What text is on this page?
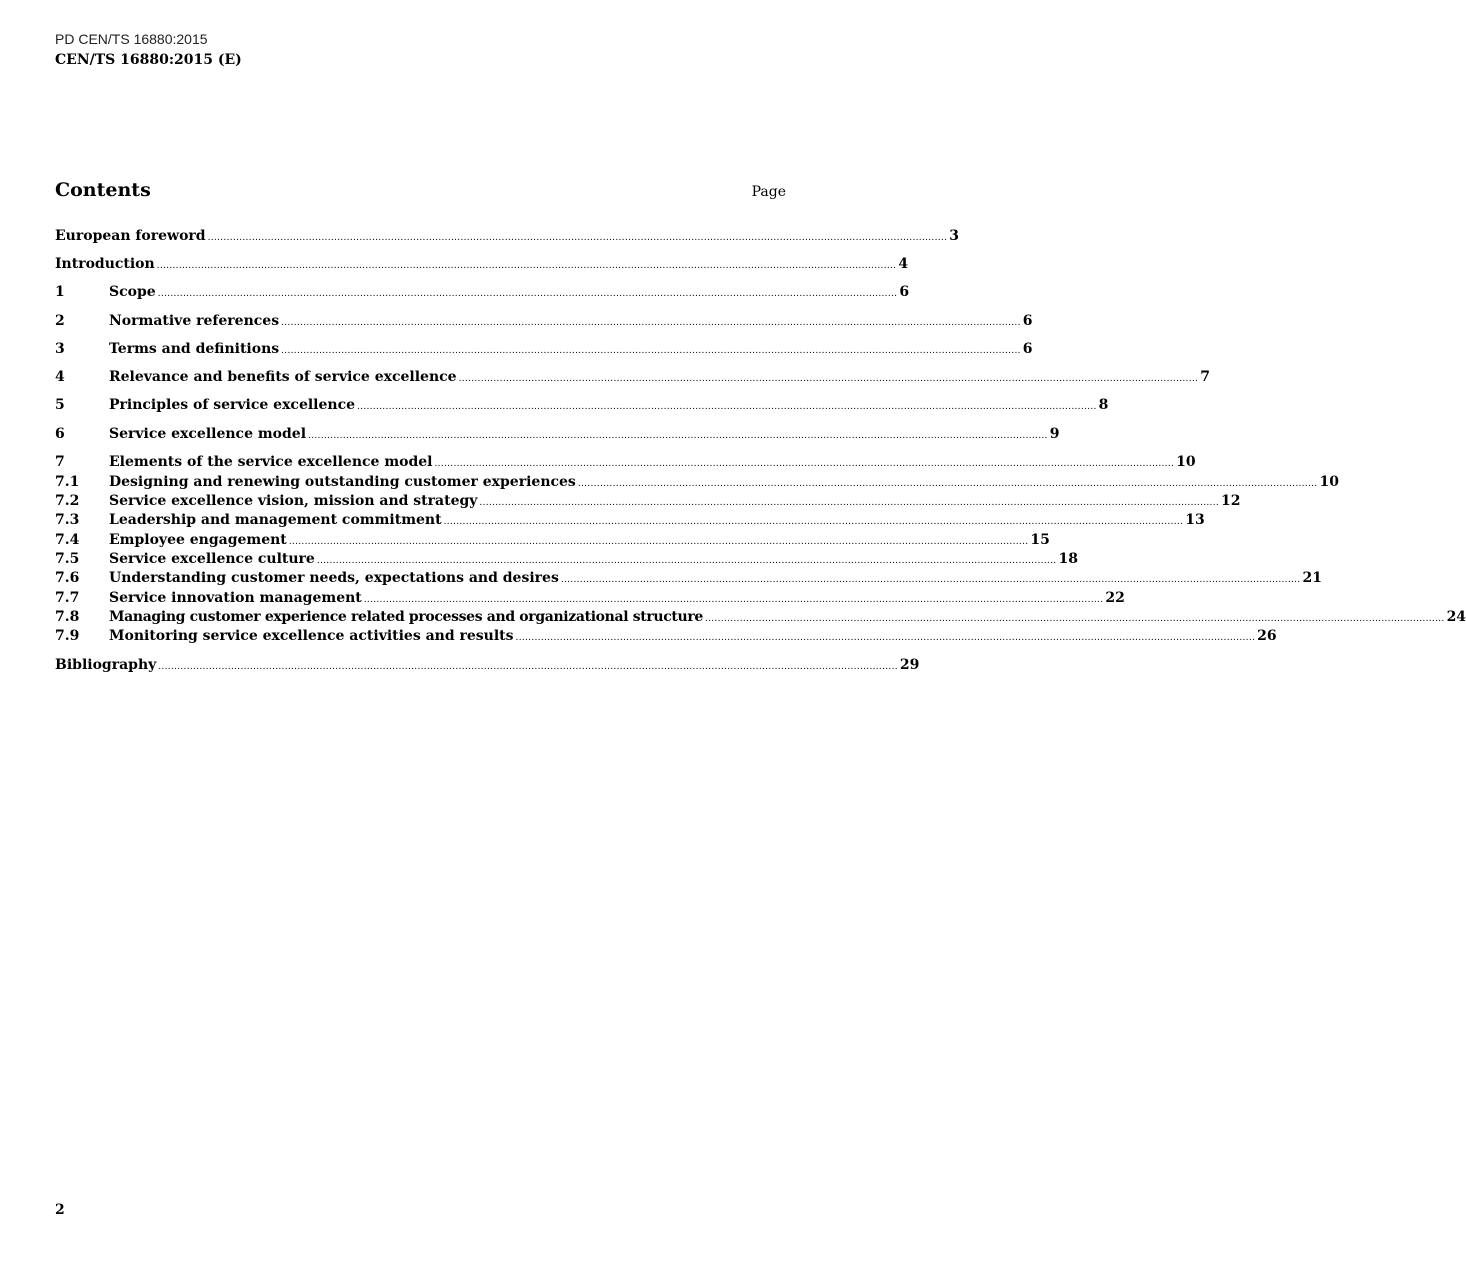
PD CEN/TS 16880:2015
CEN/TS 16880:2015 (E)
Contents	Page
European foreword .......................................................................................................................................................................................................................................... 3
Introduction .......................................................................................................................................................................................................................................... 4
1	Scope .......................................................................................................................................................................................................................................... 6
2	Normative references .......................................................................................................................................................................................................................................... 6
3	Terms and definitions .......................................................................................................................................................................................................................................... 6
4	Relevance and benefits of service excellence .......................................................................................................................................................................................................................................... 7
5	Principles of service excellence .......................................................................................................................................................................................................................................... 8
6	Service excellence model .......................................................................................................................................................................................................................................... 9
7	Elements of the service excellence model .......................................................................................................................................................................................................................................... 10
7.1	Designing and renewing outstanding customer experiences .......................................................................................................................................................................................................................................... 10
7.2	Service excellence vision, mission and strategy .......................................................................................................................................................................................................................................... 12
7.3	Leadership and management commitment .......................................................................................................................................................................................................................................... 13
7.4	Employee engagement .......................................................................................................................................................................................................................................... 15
7.5	Service excellence culture .......................................................................................................................................................................................................................................... 18
7.6	Understanding customer needs, expectations and desires .......................................................................................................................................................................................................................................... 21
7.7	Service innovation management .......................................................................................................................................................................................................................................... 22
7.8	Managing customer experience related processes and organizational structure .......................................................................................................................................................................................................................................... 24
7.9	Monitoring service excellence activities and results .......................................................................................................................................................................................................................................... 26
Bibliography .......................................................................................................................................................................................................................................... 29
2
